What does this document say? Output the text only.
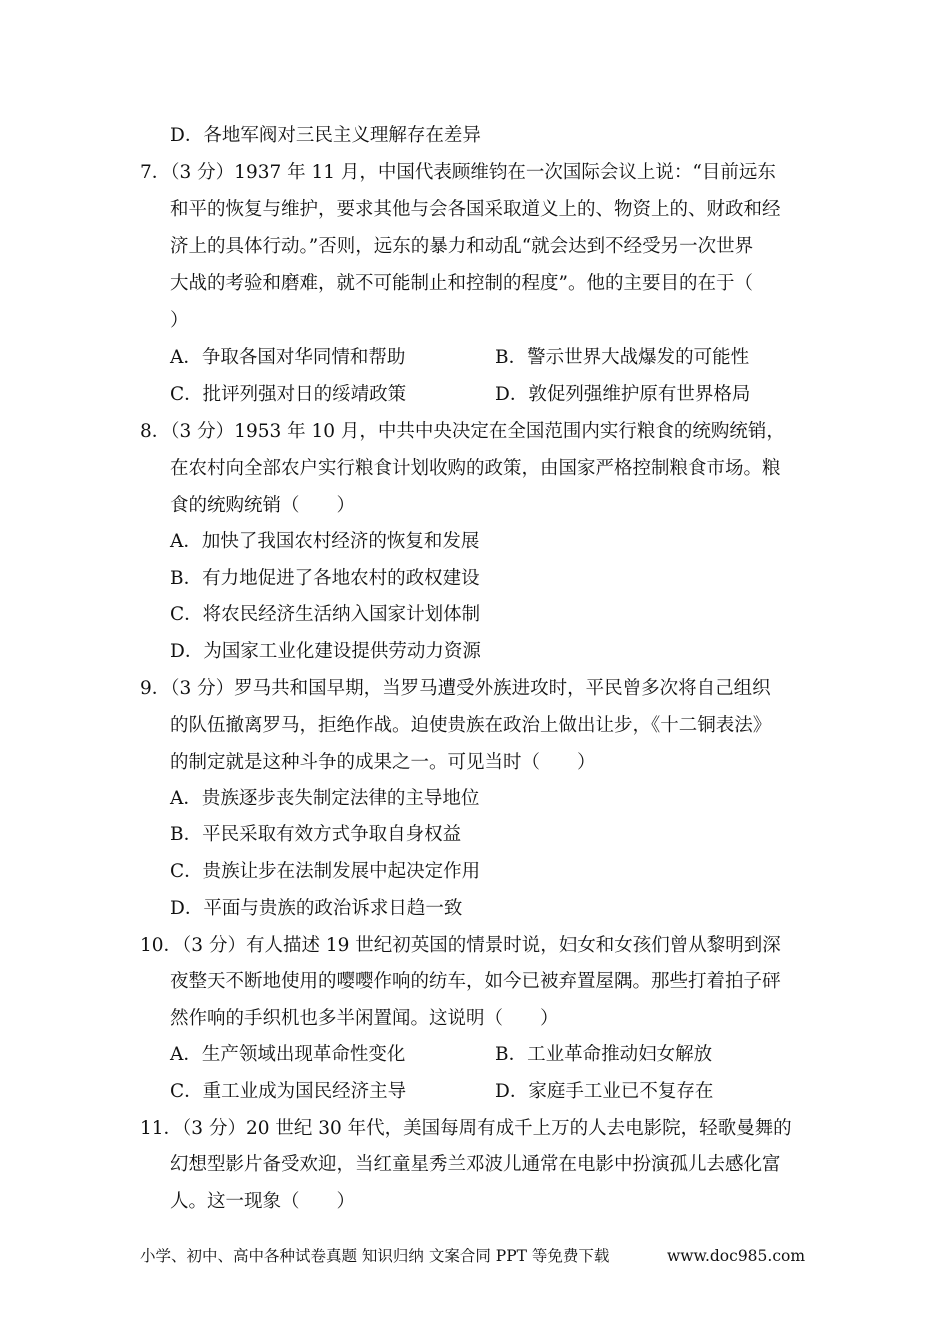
D．各地军阀对三民主义理解存在差异
7．（3 分）1937 年 11 月，中国代表顾维钧在一次国际会议上说：“目前远东
和平的恢复与维护，要求其他与会各国采取道义上的、物资上的、财政和经
济上的具体行动。”否则，远东的暴力和动乱“就会达到不经受另一次世界
大战的考验和磨难，就不可能制止和控制的程度”。他的主要目的在于（
）
A．争取各国对华同情和帮助	B．警示世界大战爆发的可能性
C．批评列强对日的绥靖政策	D．敦促列强维护原有世界格局
8．（3 分）1953 年 10 月，中共中央决定在全国范围内实行粮食的统购统销，
在农村向全部农户实行粮食计划收购的政策，由国家严格控制粮食市场。粮
食的统购统销（　　）
A．加快了我国农村经济的恢复和发展
B．有力地促进了各地农村的政权建设
C．将农民经济生活纳入国家计划体制
D．为国家工业化建设提供劳动力资源
9．（3 分）罗马共和国早期，当罗马遭受外族进攻时，平民曾多次将自己组织
的队伍撤离罗马，拒绝作战。迫使贵族在政治上做出让步，《十二铜表法》
的制定就是这种斗争的成果之一。可见当时（　　）
A．贵族逐步丧失制定法律的主导地位
B．平民采取有效方式争取自身权益
C．贵族让步在法制发展中起决定作用
D．平面与贵族的政治诉求日趋一致
10．（3 分）有人描述 19 世纪初英国的情景时说，妇女和女孩们曾从黎明到深
夜整天不断地使用的嘤嘤作响的纺车，如今已被弃置屋隅。那些打着拍子砰
然作响的手织机也多半闲置闻。这说明（　　）
A．生产领域出现革命性变化	B．工业革命推动妇女解放
C．重工业成为国民经济主导	D．家庭手工业已不复存在
11．（3 分）20 世纪 30 年代，美国每周有成千上万的人去电影院，轻歌曼舞的
幻想型影片备受欢迎，当红童星秀兰邓波儿通常在电影中扮演孤儿去感化富
人。这一现象（　　）
小学、初中、高中各种试卷真题 知识归纳 文案合同 PPT 等免费下载	www.doc985.com
